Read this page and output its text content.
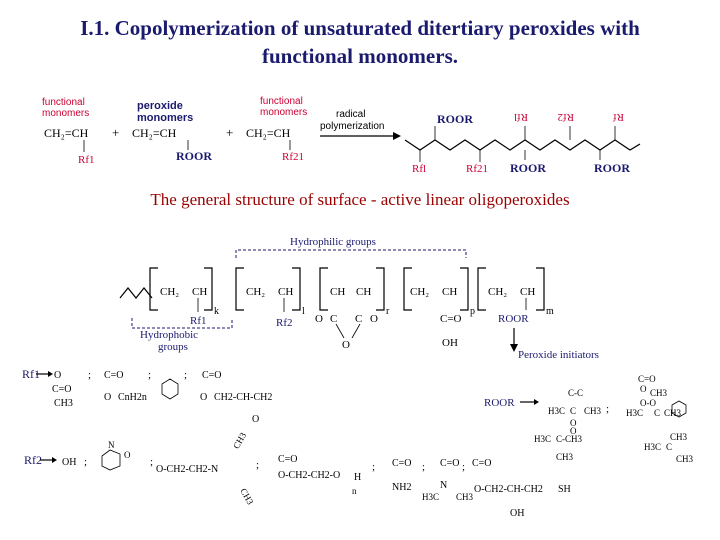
I.1. Copolymerization of unsaturated ditertiary peroxides with
functional monomers.
The general structure of surface - active linear oligoperoxides
functional
monomers
CH₂=CH
Rf1
+
peroxide
monomers
CH₂=CH
ROOR
+
functional
monomers
CH₂=CH
Rf21
radical
polymerization
Rfl
ROOR
Rf21
Rfl
ROOR
Rf2
ROOR
Rf
Hydrophilic groups
CH₂ CH
Rf1
k
CH₂ CH
Rf2
l
CH CH
O C C O
O
r
CH₂ CH
C=O
OH
p
CH₂ CH
ROOR
m
Hydrophobic
groups
Peroxide initiators
Rf1 O
C=O
CH3
; C=O
O CnH2n
;	; C=O
O CH2-CH-CH2
O
ROOR
C-C
H3C C CH3
O
O
H3C C-CH3
CH3
;
C=O
O CH3
O-O
H3C CH3
C
CH3
H3C C
CH3
Rf2 OH ;
N
O
;
O-CH2-CH2-N
CH3
CH3
; C=O
O-CH2-CH2-O H
n
; C=O
NH2
; C=O
N
H3C CH3
; C=O
O-CH2-CH-CH2
OH
SH
